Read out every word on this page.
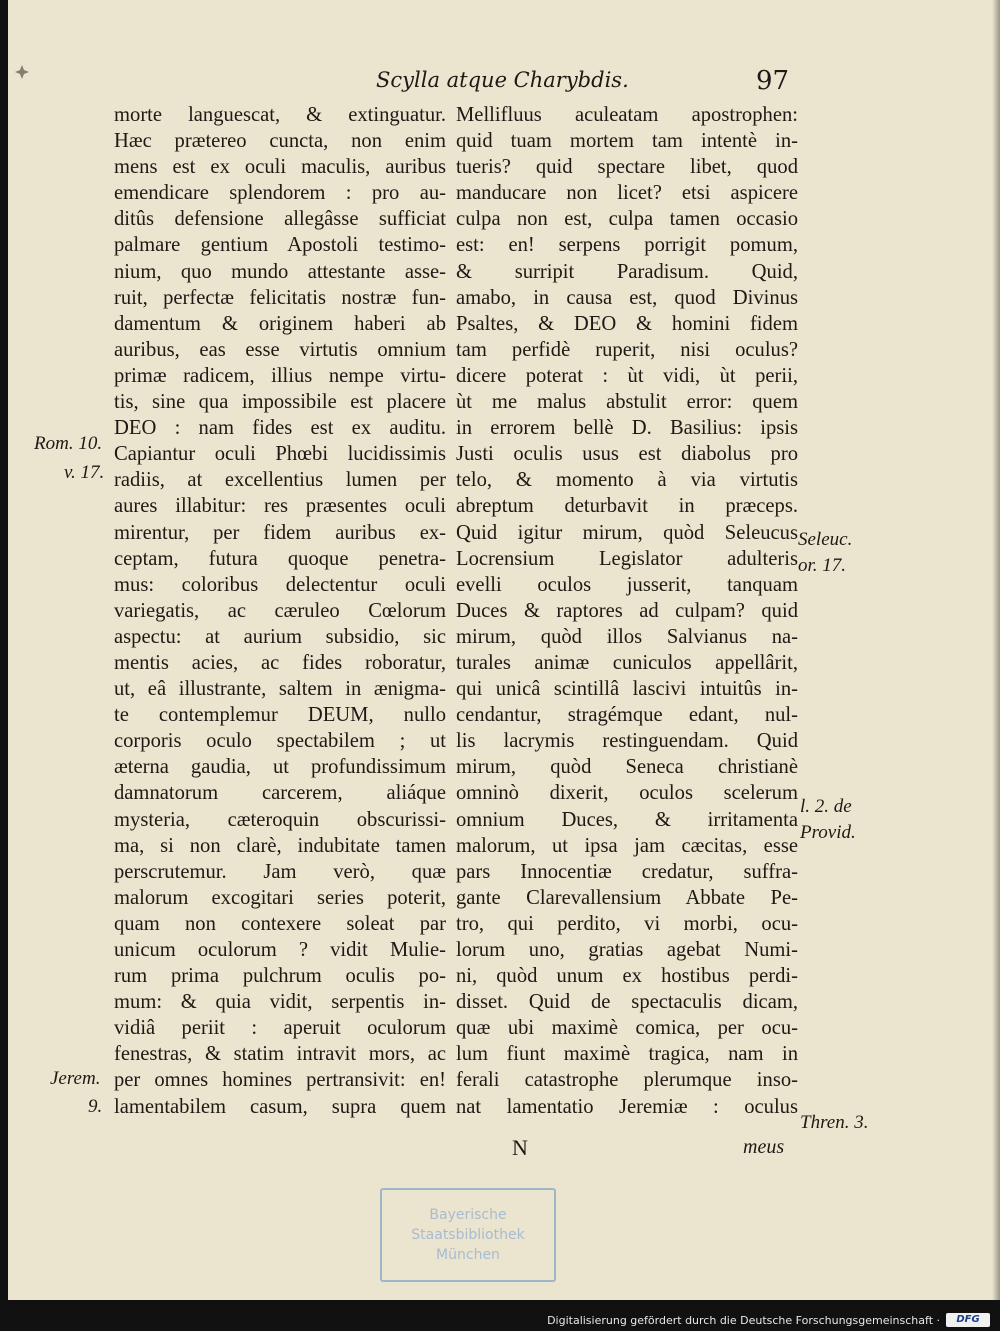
Scylla atque Charybdis.	97
morte languescat, & extinguatur.
Hæc prætereo cuncta, non enim
mens est ex oculi maculis, auribus
emendicare splendorem : pro au-
ditûs defensione allegâsse sufficiat
palmare gentium Apostoli testimo-
nium, quo mundo attestante asse-
ruit, perfectæ felicitatis nostræ fun-
damentum & originem haberi ab
auribus, eas esse virtutis omnium
primæ radicem, illius nempe virtu-
tis, sine qua impossibile est placere
DEO : nam fides est ex auditu.
Capiantur oculi Phœbi lucidissimis
radiis, at excellentius lumen per
aures illabitur: res præsentes oculi
mirentur, per fidem auribus ex-
ceptam, futura quoque penetra-
mus: coloribus delectentur oculi
variegatis, ac cæruleo Cœlorum
aspectu: at aurium subsidio, sic
mentis acies, ac fides roboratur,
ut, eâ illustrante, saltem in ænigma-
te contemplemur DEUM, nullo
corporis oculo spectabilem ; ut
æterna gaudia, ut profundissimum
damnatorum carcerem, aliáque
mysteria, cæteroquin obscurissi-
ma, si non clarè, indubitate tamen
perscrutemur. Jam verò, quæ
malorum excogitari series poterit,
quam non contexere soleat par
unicum oculorum ? vidit Mulie-
rum prima pulchrum oculis po-
mum: & quia vidit, serpentis in-
vidiâ periit : aperuit oculorum
fenestras, & statim intravit mors, ac
per omnes homines pertransivit: en!
lamentabilem casum, supra quem
Mellifluus aculeatam apostrophen:
quid tuam mortem tam intentè in-
tueris? quid spectare libet, quod
manducare non licet? etsi aspicere
culpa non est, culpa tamen occasio
est: en! serpens porrigit pomum,
& surripit Paradisum. Quid,
amabo, in causa est, quod Divinus
Psaltes, & DEO & homini fidem
tam perfidè ruperit, nisi oculus?
dicere poterat : ùt vidi, ùt perii,
ùt me malus abstulit error: quem
in errorem bellè D. Basilius: ipsis
Justi oculis usus est diabolus pro
telo, & momento à via virtutis
abreptum deturbavit in præceps.
Quid igitur mirum, quòd Seleucus
Locrensium Legislator adulteris
evelli oculos jusserit, tanquam
Duces & raptores ad culpam? quid
mirum, quòd illos Salvianus na-
turales animæ cuniculos appellârit,
qui unicâ scintillâ lascivi intuitûs in-
cendantur, stragémque edant, nul-
lis lacrymis restinguendam. Quid
mirum, quòd Seneca christianè
omninò dixerit, oculos scelerum
omnium Duces, & irritamenta
malorum, ut ipsa jam cæcitas, esse
pars Innocentiæ credatur, suffra-
gante Clarevallensium Abbate Pe-
tro, qui perdito, vi morbi, ocu-
lorum uno, gratias agebat Numi-
ni, quòd unum ex hostibus perdi-
disset. Quid de spectaculis dicam,
quæ ubi maximè comica, per ocu-
lum fiunt maximè tragica, nam in
ferali catastrophe plerumque inso-
nat lamentatio Jeremiæ : oculus
Rom. 10.
v. 17.
Jerem.
9.
Seleuc.
or. 17.
l. 2. de
Provid.
Thren. 3.
N	meus
Bayerische
Staatsbibliothek
München
Digitalisierung gefördert durch die Deutsche Forschungsgemeinschaft ·	DFG
